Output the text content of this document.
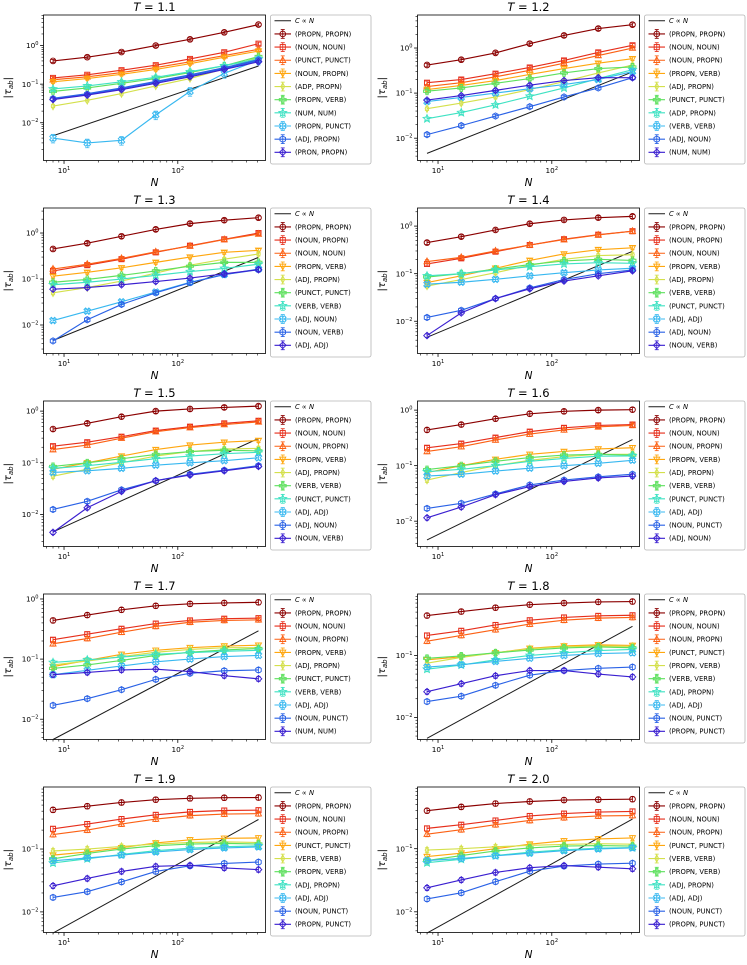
$10^1$	$10^2$
$10^0$
$10^{-1}$
$10^{-2}$
T = 1.1
N
|τab|
C ∝ N
(PROPN, PROPN)
(NOUN, NOUN)
(PUNCT, PUNCT)
(NOUN, PROPN)
(ADP, PROPN)
(PROPN, VERB)
(NUM, NUM)
(PROPN, PUNCT)
(ADJ, PROPN)
(PRON, PROPN)
$10^1$	$10^2$
$10^0$
$10^{-1}$
$10^{-2}$
T = 1.2
N
|τab|
C ∝ N
(PROPN, PROPN)
(NOUN, NOUN)
(NOUN, PROPN)
(PROPN, VERB)
(ADJ, PROPN)
(PUNCT, PUNCT)
(ADP, PROPN)
(VERB, VERB)
(ADJ, NOUN)
(NUM, NUM)
$10^1$	$10^2$
$10^0$
$10^{-1}$
$10^{-2}$
T = 1.3
N
|τab|
C ∝ N
(PROPN, PROPN)
(NOUN, PROPN)
(NOUN, NOUN)
(PROPN, VERB)
(ADJ, PROPN)
(PUNCT, PUNCT)
(VERB, VERB)
(ADJ, NOUN)
(NOUN, VERB)
(ADJ, ADJ)
$10^1$	$10^2$
$10^0$
$10^{-1}$
$10^{-2}$
T = 1.4
N
|τab|
C ∝ N
(PROPN, PROPN)
(NOUN, PROPN)
(NOUN, NOUN)
(PROPN, VERB)
(ADJ, PROPN)
(VERB, VERB)
(PUNCT, PUNCT)
(ADJ, ADJ)
(ADJ, NOUN)
(NOUN, VERB)
$10^1$	$10^2$
$10^0$
$10^{-1}$
$10^{-2}$
T = 1.5
N
|τab|
C ∝ N
(PROPN, PROPN)
(NOUN, NOUN)
(NOUN, PROPN)
(PROPN, VERB)
(ADJ, PROPN)
(VERB, VERB)
(PUNCT, PUNCT)
(ADJ, ADJ)
(ADJ, NOUN)
(NOUN, VERB)
$10^1$	$10^2$
$10^0$
$10^{-1}$
$10^{-2}$
T = 1.6
N
|τab|
C ∝ N
(PROPN, PROPN)
(NOUN, NOUN)
(NOUN, PROPN)
(PROPN, VERB)
(ADJ, PROPN)
(VERB, VERB)
(PUNCT, PUNCT)
(ADJ, ADJ)
(NOUN, PUNCT)
(ADJ, NOUN)
$10^1$	$10^2$
$10^0$
$10^{-1}$
$10^{-2}$
T = 1.7
N
|τab|
C ∝ N
(PROPN, PROPN)
(NOUN, NOUN)
(NOUN, PROPN)
(PROPN, VERB)
(ADJ, PROPN)
(PUNCT, PUNCT)
(VERB, VERB)
(ADJ, ADJ)
(NOUN, PUNCT)
(NUM, NUM)
$10^1$	$10^2$
$10^{-1}$
$10^{-2}$
T = 1.8
N
|τab|
C ∝ N
(PROPN, PROPN)
(NOUN, NOUN)
(NOUN, PROPN)
(PUNCT, PUNCT)
(PROPN, VERB)
(VERB, VERB)
(ADJ, PROPN)
(ADJ, ADJ)
(NOUN, PUNCT)
(PROPN, PUNCT)
$10^1$	$10^2$
$10^{-1}$
$10^{-2}$
T = 1.9
N
|τab|
C ∝ N
(PROPN, PROPN)
(NOUN, NOUN)
(NOUN, PROPN)
(PUNCT, PUNCT)
(VERB, VERB)
(PROPN, VERB)
(ADJ, PROPN)
(ADJ, ADJ)
(NOUN, PUNCT)
(PROPN, PUNCT)
$10^1$	$10^2$
$10^{-1}$
$10^{-2}$
T = 2.0
N
|τab|
C ∝ N
(PROPN, PROPN)
(NOUN, NOUN)
(NOUN, PROPN)
(PUNCT, PUNCT)
(VERB, VERB)
(PROPN, VERB)
(ADJ, PROPN)
(ADJ, ADJ)
(NOUN, PUNCT)
(PROPN, PUNCT)
